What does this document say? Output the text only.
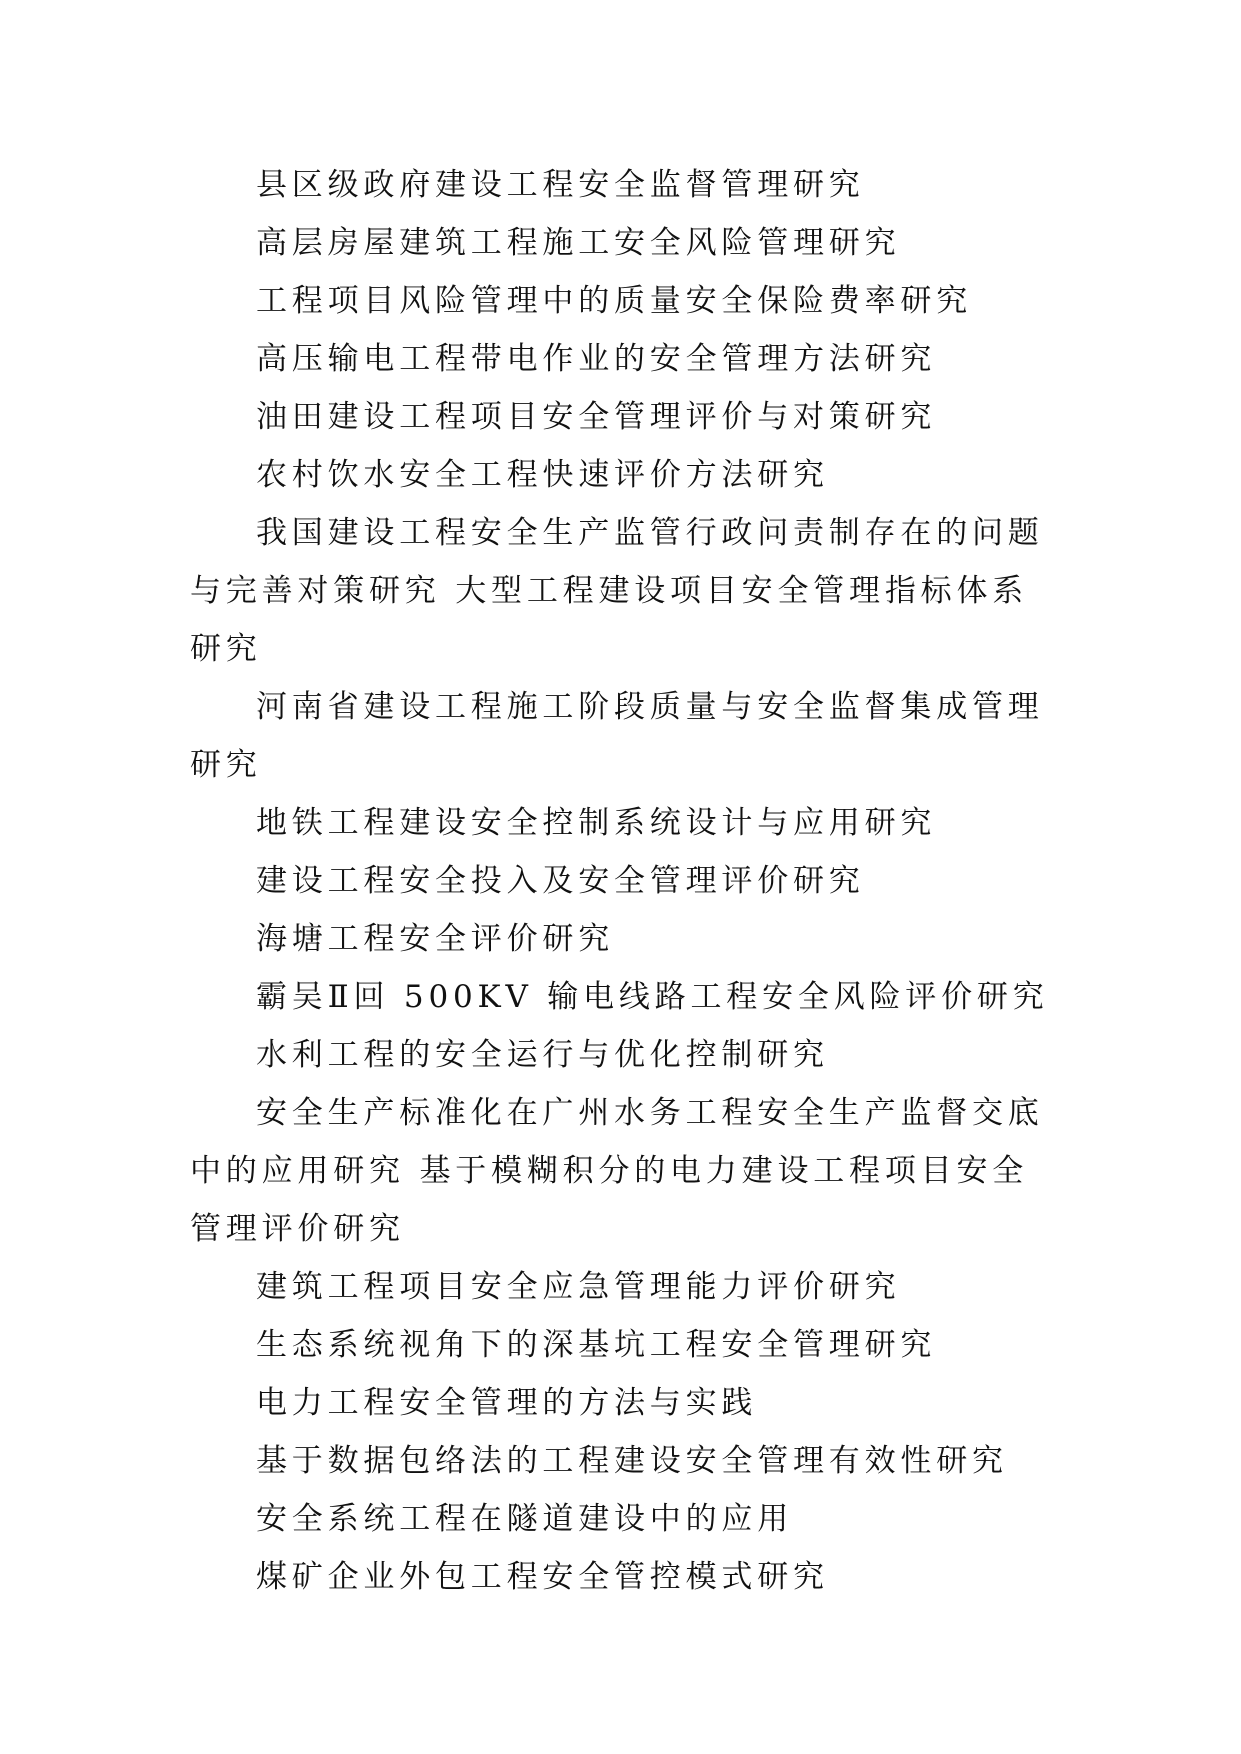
县区级政府建设工程安全监督管理研究

高层房屋建筑工程施工安全风险管理研究

工程项目风险管理中的质量安全保险费率研究

高压输电工程带电作业的安全管理方法研究

油田建设工程项目安全管理评价与对策研究

农村饮水安全工程快速评价方法研究

我国建设工程安全生产监管行政问责制存在的问题与完善对策研究 大型工程建设项目安全管理指标体系研究

河南省建设工程施工阶段质量与安全监督集成管理研究

地铁工程建设安全控制系统设计与应用研究

建设工程安全投入及安全管理评价研究

海塘工程安全评价研究

霸吴Ⅱ回 500KV 输电线路工程安全风险评价研究

水利工程的安全运行与优化控制研究

安全生产标准化在广州水务工程安全生产监督交底中的应用研究 基于模糊积分的电力建设工程项目安全管理评价研究

建筑工程项目安全应急管理能力评价研究

生态系统视角下的深基坑工程安全管理研究

电力工程安全管理的方法与实践

基于数据包络法的工程建设安全管理有效性研究

安全系统工程在隧道建设中的应用

煤矿企业外包工程安全管控模式研究
